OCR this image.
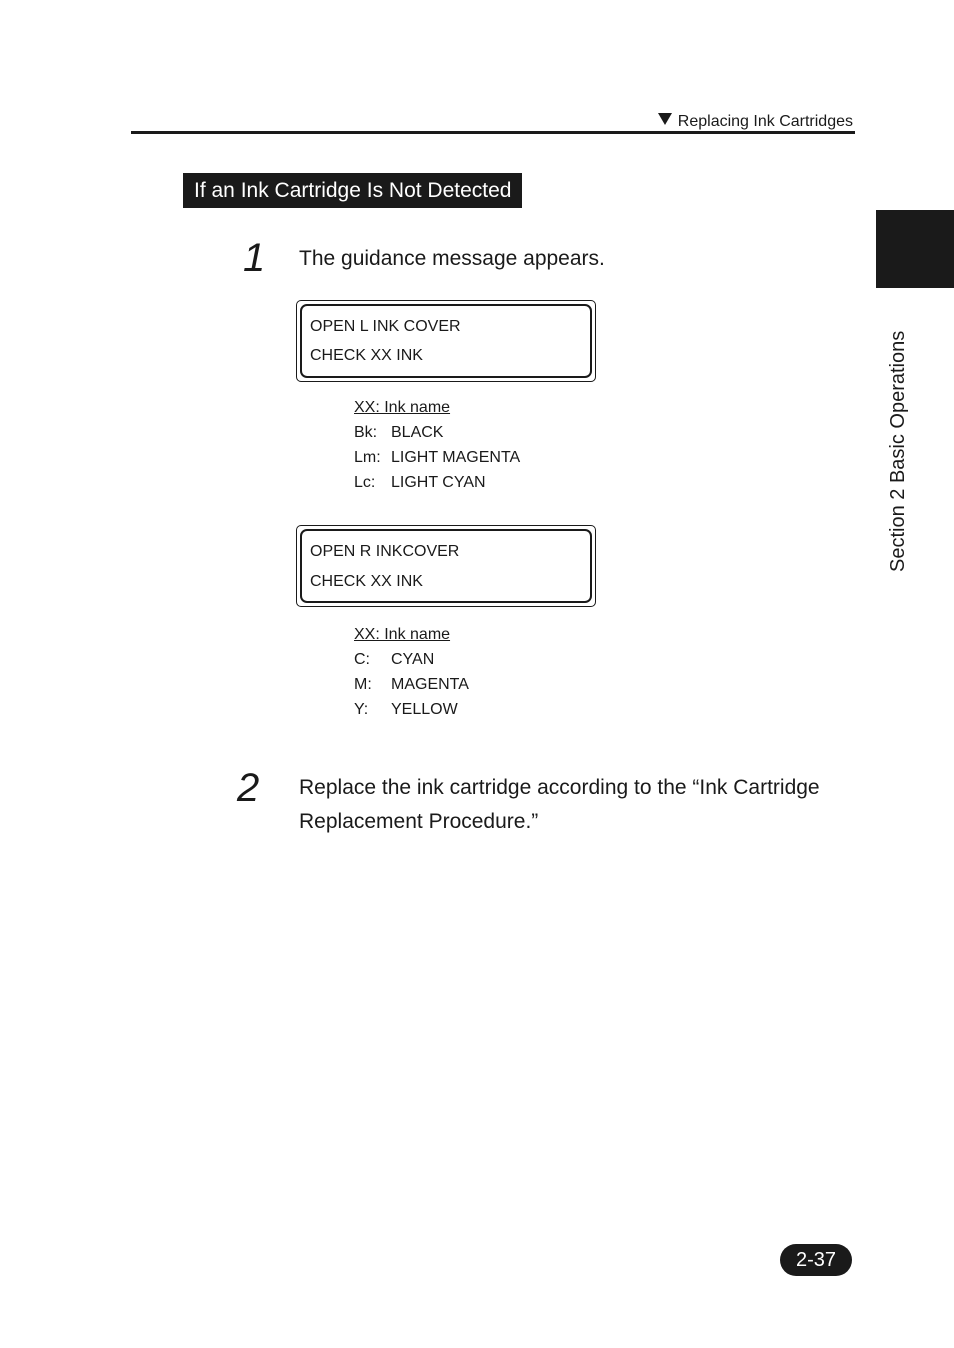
Replacing Ink Cartridges
Section 2 Basic Operations
If an Ink Cartridge Is Not Detected
1 The guidance message appears.
OPEN L INK COVER
CHECK XX INK
XX: Ink name
Bk: BLACK
Lm: LIGHT MAGENTA
Lc: LIGHT CYAN
OPEN R INKCOVER
CHECK XX INK
XX: Ink name
C: CYAN
M: MAGENTA
Y: YELLOW
2 Replace the ink cartridge according to the “Ink Cartridge
Replacement Procedure.”
2-37
